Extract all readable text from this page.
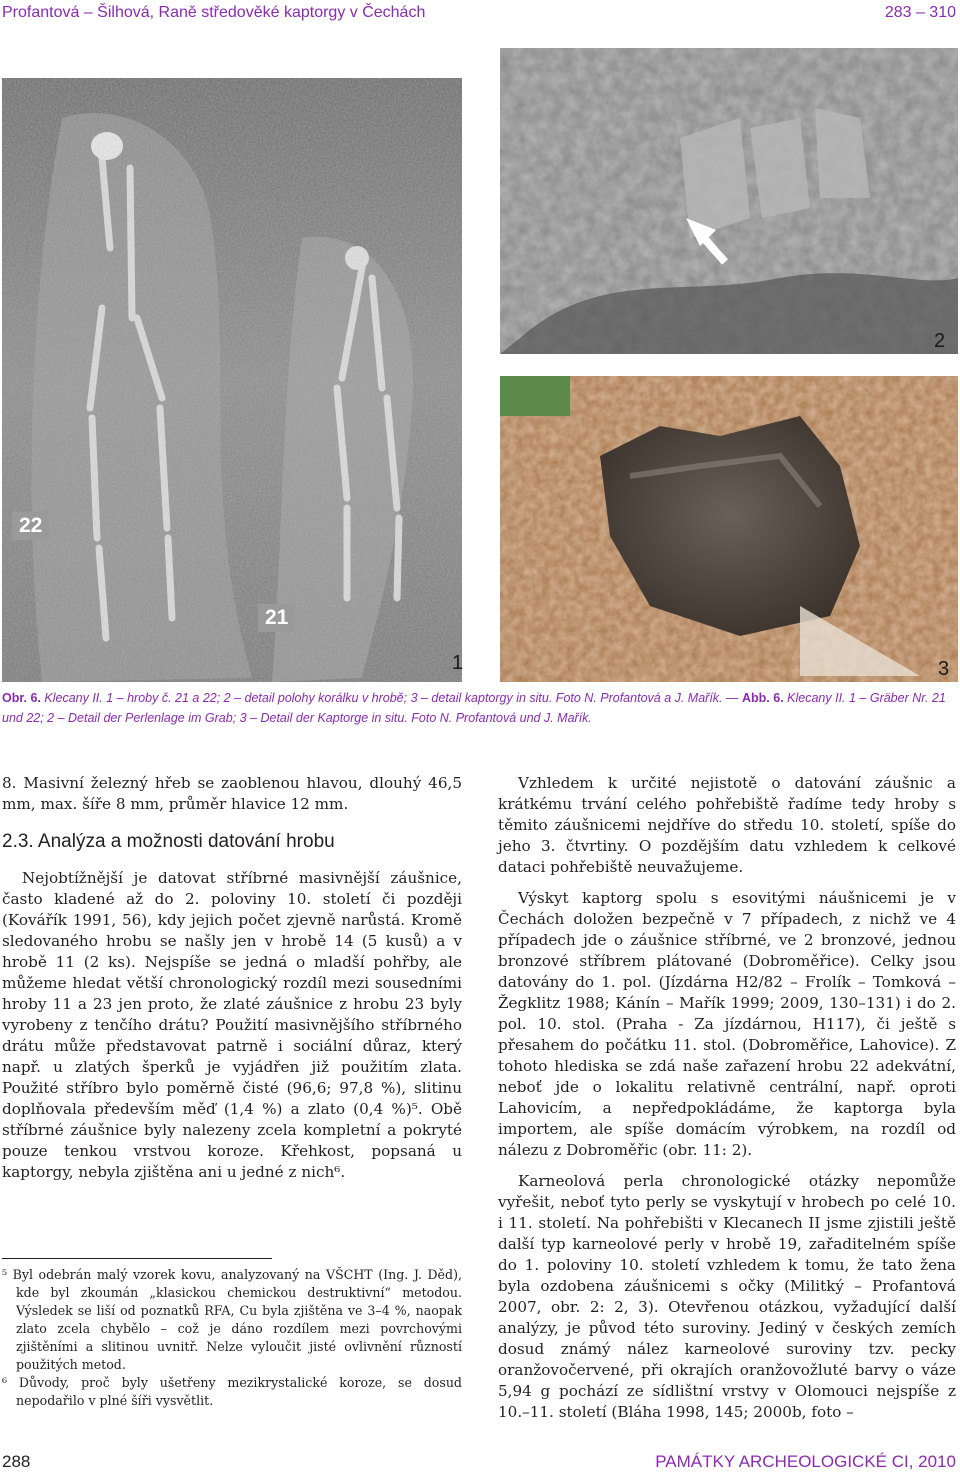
Profantová – Šilhová, Raně středověké kaptorgy v Čechách	283 – 310
22
21
1
2
3
Obr. 6. Klecany II. 1 – hroby č. 21 a 22; 2 – detail polohy korálku v hrobě; 3 – detail kaptorgy in situ. Foto N. Profantová a J. Mařík. — Abb. 6. Klecany II. 1 – Gräber Nr. 21 und 22; 2 – Detail der Perlenlage im Grab; 3 – Detail der Kaptorge in situ. Foto N. Profantová und J. Mařík.

8. Masivní železný hřeb se zaoblenou hlavou, dlouhý 46,5 mm, max. šíře 8 mm, průměr hlavice 12 mm.

2.3. Analýza a možnosti datování hrobu

Nejobtížnější je datovat stříbrné masivnější záušnice, často kladené až do 2. poloviny 10. století či později (Kovářík 1991, 56), kdy jejich počet zjevně narůstá. Kromě sledovaného hrobu se našly jen v hrobě 14 (5 kusů) a v hrobě 11 (2 ks). Nejspíše se jedná o mladší pohřby, ale můžeme hledat větší chronologický rozdíl mezi sousedními hroby 11 a 23 jen proto, že zlaté záušnice z hrobu 23 byly vyrobeny z tenčího drátu? Použití masivnějšího stříbrného drátu může představovat patrně i sociální důraz, který např. u zlatých šperků je vyjádřen již použitím zlata. Použité stříbro bylo poměrně čisté (96,6; 97,8 %), slitinu doplňovala především měď (1,4 %) a zlato (0,4 %)⁵. Obě stříbrné záušnice byly nalezeny zcela kompletní a pokryté pouze tenkou vrstvou koroze. Křehkost, popsaná u kaptorgy, nebyla zjištěna ani u jedné z nich⁶.

⁵ Byl odebrán malý vzorek kovu, analyzovaný na VŠCHT (Ing. J. Děd), kde byl zkoumán „klasickou chemickou destruktivní“ metodou. Výsledek se liší od poznatků RFA, Cu byla zjištěna ve 3–4 %, naopak zlato zcela chybělo – což je dáno rozdílem mezi povrchovými zjištěními a slitinou uvnitř. Nelze vyloučit jisté ovlivnění růzností použitých metod.

⁶ Důvody, proč byly ušetřeny mezikrystalické koroze, se dosud nepodařilo v plné šíři vysvětlit.

Vzhledem k určité nejistotě o datování záušnic a krátkému trvání celého pohřebiště řadíme tedy hroby s těmito záušnicemi nejdříve do středu 10. století, spíše do jeho 3. čtvrtiny. O pozdějším datu vzhledem k celkové dataci pohřebiště neuvažujeme.

Výskyt kaptorg spolu s esovitými náušnicemi je v Čechách doložen bezpečně v 7 případech, z nichž ve 4 případech jde o záušnice stříbrné, ve 2 bronzové, jednou bronzové stříbrem plátované (Dobroměřice). Celky jsou datovány do 1. pol. (Jízdárna H2/82 – Frolík – Tomková – Žegklitz 1988; Kánín – Mařík 1999; 2009, 130–131) i do 2. pol. 10. stol. (Praha - Za jízdárnou, H117), či ještě s přesahem do počátku 11. stol. (Dobroměřice, Lahovice). Z tohoto hlediska se zdá naše zařazení hrobu 22 adekvátní, neboť jde o lokalitu relativně centrální, např. oproti Lahovicím, a nepředpokládáme, že kaptorga byla importem, ale spíše domácím výrobkem, na rozdíl od nálezu z Dobroměřic (obr. 11: 2).

Karneolová perla chronologické otázky nepomůže vyřešit, neboť tyto perly se vyskytují v hrobech po celé 10. i 11. století. Na pohřebišti v Klecanech II jsme zjistili ještě další typ karneolové perly v hrobě 19, zařaditelném spíše do 1. poloviny 10. století vzhledem k tomu, že tato žena byla ozdobena záušnicemi s očky (Militký – Profantová 2007, obr. 2: 2, 3). Otevřenou otázkou, vyžadující další analýzy, je původ této suroviny. Jediný v českých zemích dosud známý nález karneolové suroviny tzv. pecky oranžovočervené, při okrajích oranžovožluté barvy o váze 5,94 g pochází ze sídlištní vrstvy v Olomouci nejspíše z 10.–11. století (Bláha 1998, 145; 2000b, foto –

288	PAMÁTKY ARCHEOLOGICKÉ CI, 2010
